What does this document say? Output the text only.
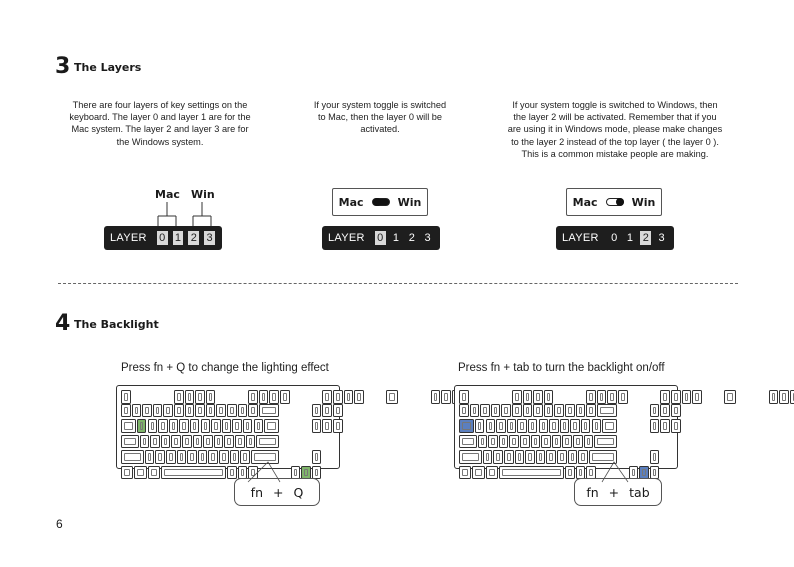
3 The Layers
There are four layers of key settings on the
keyboard. The layer 0 and layer 1 are for the
Mac system. The layer 2 and layer 3 are for
the Windows system.
If your system toggle is switched
to Mac, then the layer 0 will be
activated.
If your system toggle is switched to Windows, then
the layer 2 will be activated. Remember that if you
are using it in Windows mode, please make changes
to the layer 2 instead of the top layer ( the layer 0 ).
This is a common mistake people are making.
Mac Win
LAYER 0 1 2 3
Mac	Win
LAYER 0 1 2 3
Mac	Win
LAYER 0 1 2 3
4 The Backlight
Press fn + Q to change the lighting effect	Press fn + tab to turn the backlight on/off
fn + Q	fn + tab
6
